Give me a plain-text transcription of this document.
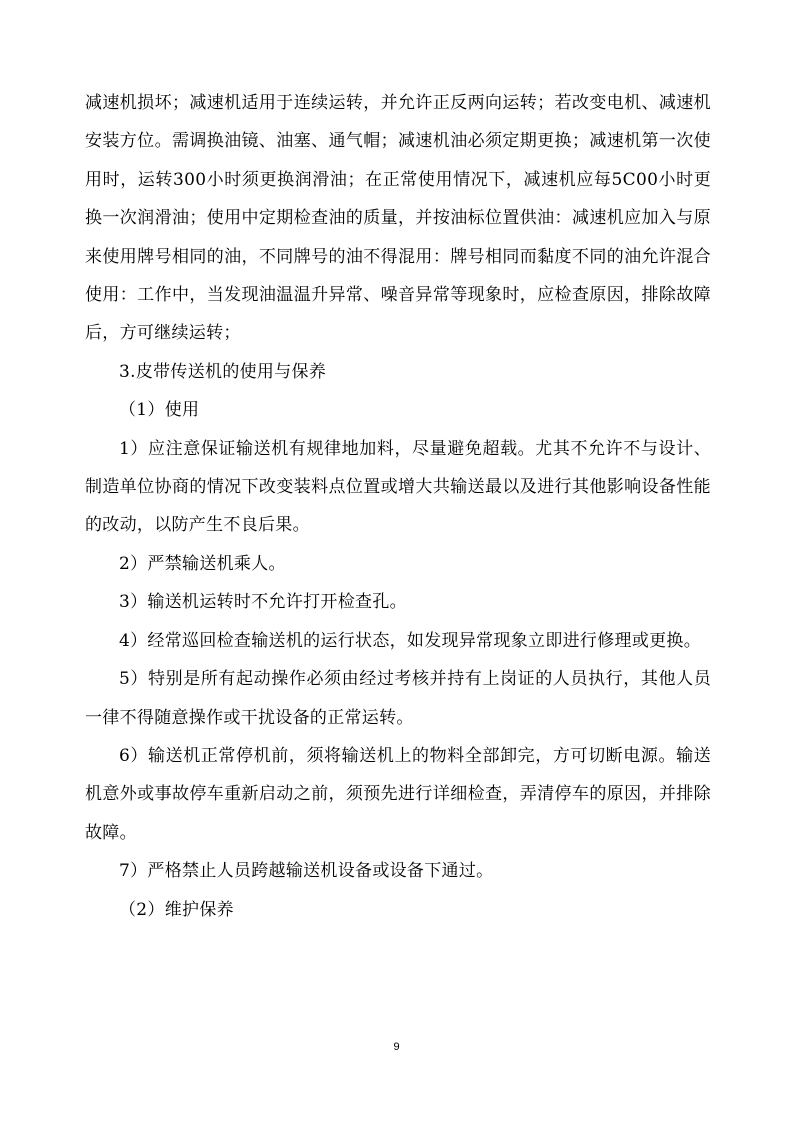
减速机损坏；减速机适用于连续运转，并允许正反两向运转；若改变电机、减速机安装方位。需调换油镜、油塞、通气帽；减速机油必须定期更换；减速机第一次使用时，运转300小时须更换润滑油；在正常使用情况下，减速机应每5C00小时更换一次润滑油；使用中定期检查油的质量，并按油标位置供油：减速机应加入与原来使用牌号相同的油，不同牌号的油不得混用：牌号相同而黏度不同的油允许混合使用：工作中，当发现油温温升异常、噪音异常等现象时，应检查原因，排除故障后，方可继续运转；

3.皮带传送机的使用与保养

（1）使用

1）应注意保证输送机有规律地加料，尽量避免超载。尤其不允许不与设计、制造单位协商的情况下改变装料点位置或增大共输送最以及进行其他影响设备性能的改动，以防产生不良后果。

2）严禁输送机乘人。

3）输送机运转时不允许打开检查孔。

4）经常巡回检查输送机的运行状态，如发现异常现象立即进行修理或更换。

5）特别是所有起动操作必须由经过考核并持有上岗证的人员执行，其他人员一律不得随意操作或干扰设备的正常运转。

6）输送机正常停机前，须将输送机上的物料全部卸完，方可切断电源。输送机意外或事故停车重新启动之前，须预先进行详细检查，弄清停车的原因，并排除故障。

7）严格禁止人员跨越输送机设备或设备下通过。

（2）维护保养

9
